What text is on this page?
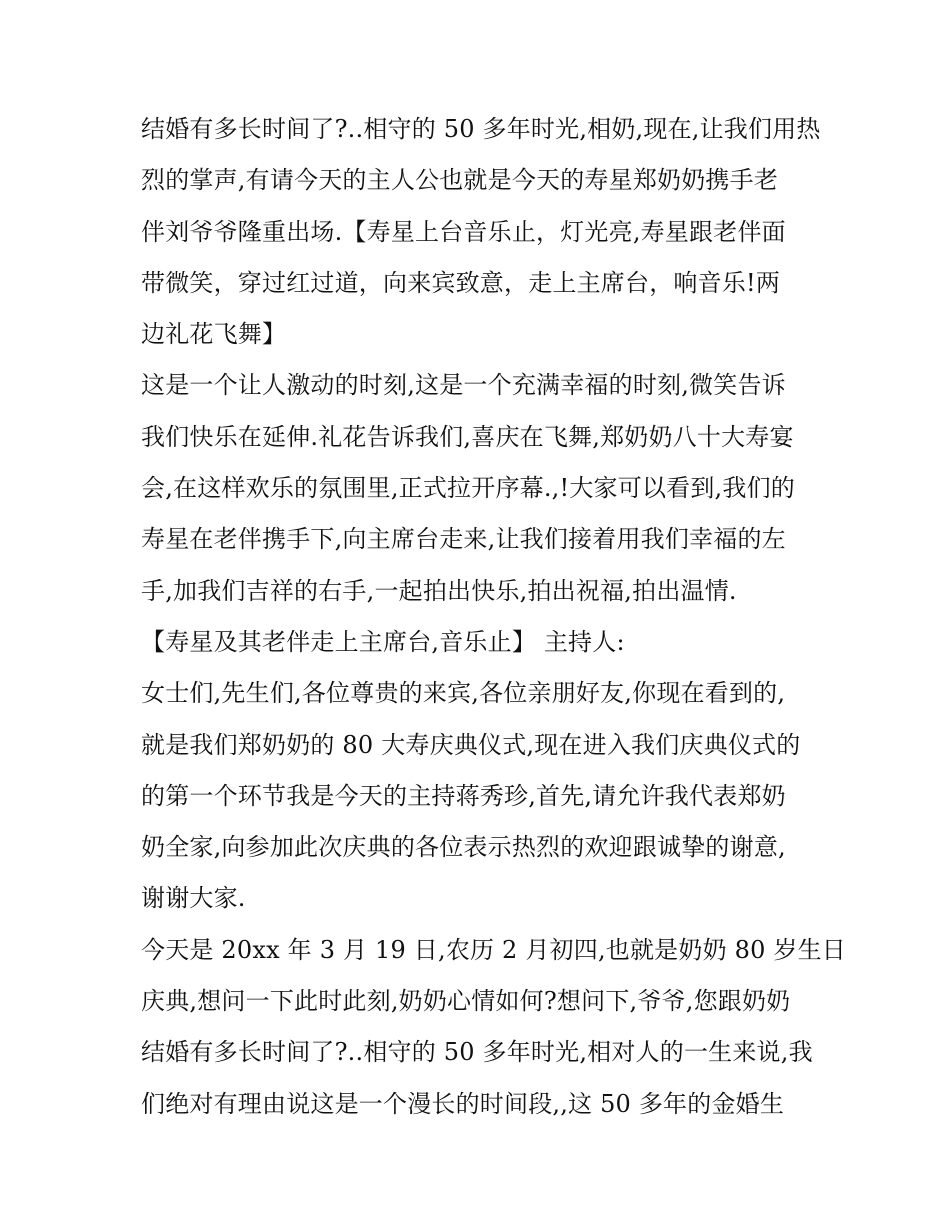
结婚有多长时间了?..相守的 50 多年时光,相奶,现在,让我们用热
烈的掌声,有请今天的主人公也就是今天的寿星郑奶奶携手老
伴刘爷爷隆重出场.【寿星上台音乐止，灯光亮,寿星跟老伴面
带微笑，穿过红过道，向来宾致意，走上主席台，响音乐!两
边礼花飞舞】
这是一个让人激动的时刻,这是一个充满幸福的时刻,微笑告诉
我们快乐在延伸.礼花告诉我们,喜庆在飞舞,郑奶奶八十大寿宴
会,在这样欢乐的氛围里,正式拉开序幕.,!大家可以看到,我们的
寿星在老伴携手下,向主席台走来,让我们接着用我们幸福的左
手,加我们吉祥的右手,一起拍出快乐,拍出祝福,拍出温情.
【寿星及其老伴走上主席台,音乐止】 主持人:
女士们,先生们,各位尊贵的来宾,各位亲朋好友,你现在看到的,
就是我们郑奶奶的 80 大寿庆典仪式,现在进入我们庆典仪式的
的第一个环节我是今天的主持蒋秀珍,首先,请允许我代表郑奶
奶全家,向参加此次庆典的各位表示热烈的欢迎跟诚挚的谢意,
谢谢大家.
今天是 20xx 年 3 月 19 日,农历 2 月初四,也就是奶奶 80 岁生日
庆典,想问一下此时此刻,奶奶心情如何?想问下,爷爷,您跟奶奶
结婚有多长时间了?..相守的 50 多年时光,相对人的一生来说,我
们绝对有理由说这是一个漫长的时间段,,这 50 多年的金婚生
